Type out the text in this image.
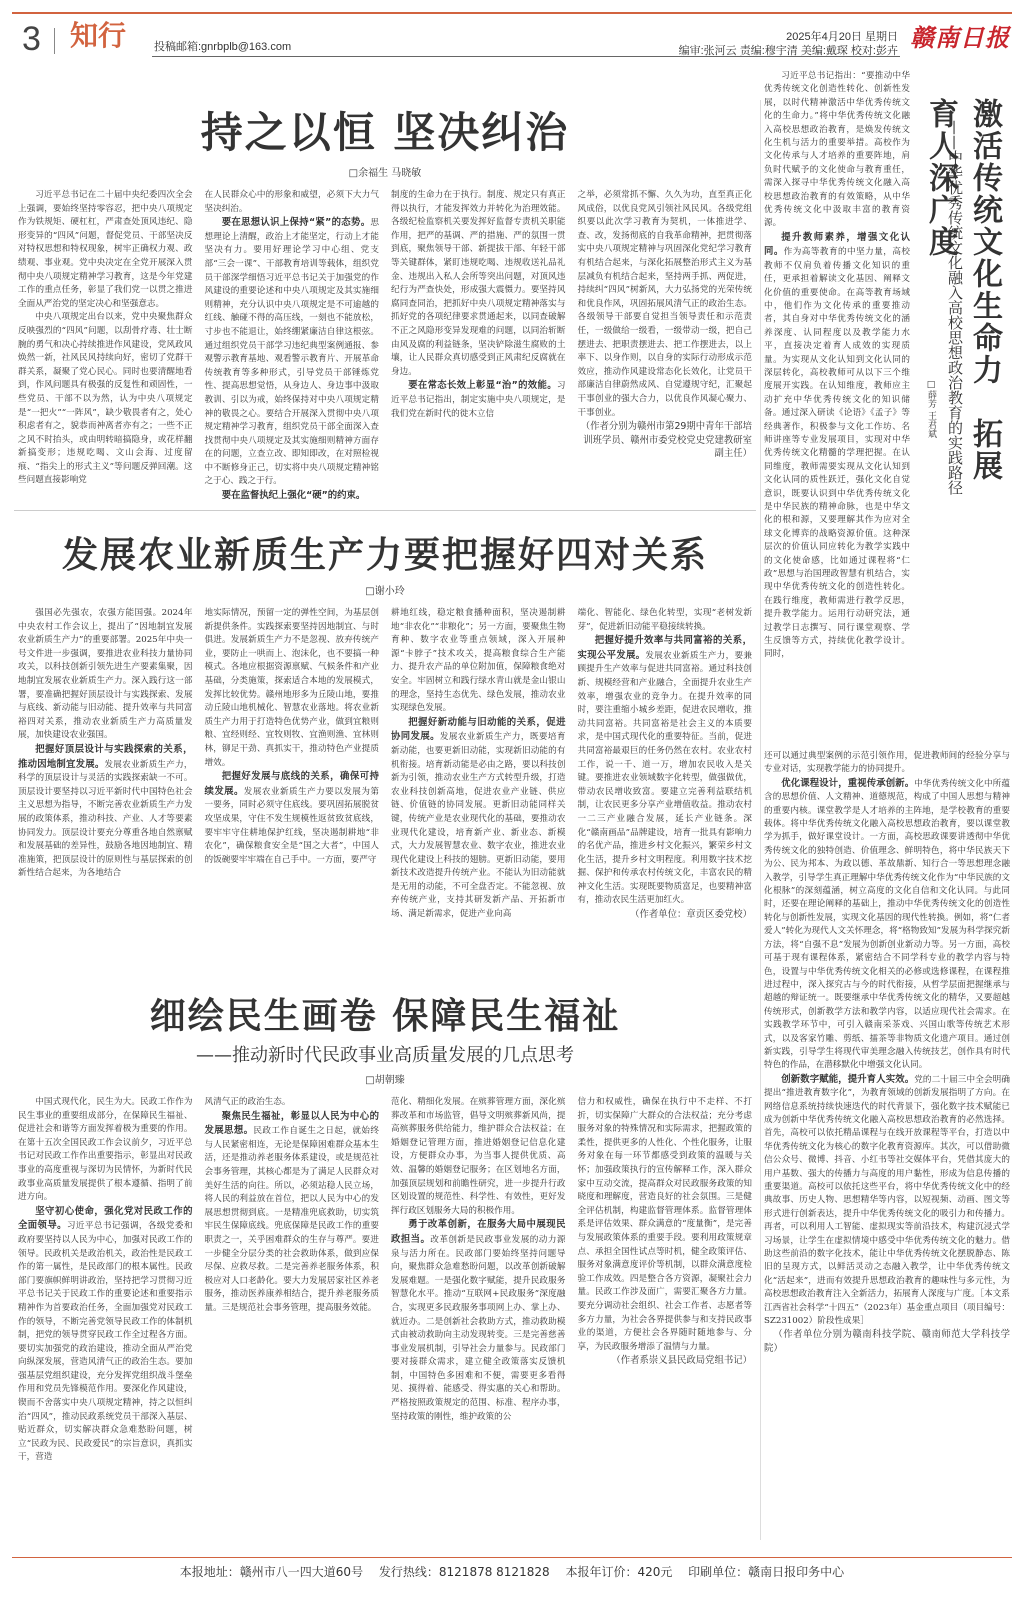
3 知行	投稿邮箱:gnrbplb@163.com
2025年4月20日 星期日
编审:张河云 责编:穆宇清 美编:戴琛 校对:彭卉 赣南日报
持之以恒 坚决纠治
□余福生 马晓敏

习近平总书记在二十届中央纪委四次全会上强调，要始终坚持零容忍，把中央八项规定作为铁规矩、硬杠杠，严肃查处顶风违纪、隐形变异的“四风”问题，督促党员、干部坚决反对特权思想和特权现象，树牢正确权力观、政绩观、事业观。党中央决定在全党开展深入贯彻中央八项规定精神学习教育，这是今年党建工作的重点任务，彰显了我们党一以贯之推进全面从严治党的坚定决心和坚强意志。

中央八项规定出台以来，党中央聚焦群众反映强烈的“四风”问题，以刮骨疗毒、壮士断腕的勇气和决心持续推进作风建设，党风政风焕然一新，社风民风持续向好，密切了党群干群关系，凝聚了党心民心。同时也要清醒地看到，作风问题具有极强的反复性和顽固性，一些党员、干部不以为然，认为中央八项规定是“一把火”“一阵风”，缺少敬畏者有之，处心积虑者有之，貌恭而神离者亦有之；一些不正之风不时抬头，或由明转暗搞隐身，或花样翻新搞变形；违规吃喝、文山会海、过度留痕、“指尖上的形式主义”等问题反弹回潮。这些问题直接影响党

在人民群众心中的形象和威望，必须下大力气坚决纠治。

要在思想认识上保持“紧”的态势。思想理论上清醒，政治上才能坚定，行动上才能坚决有力。要用好理论学习中心组、党支部“三会一课”、干部教育培训等载体，组织党员干部深学细悟习近平总书记关于加强党的作风建设的重要论述和中央八项规定及其实施细则精神，充分认识中央八项规定是不可逾越的红线、触碰不得的高压线，一刻也不能放松，寸步也不能退让，始终绷紧廉洁自律这根弦。通过组织党员干部学习违纪典型案例通报、参观警示教育基地、观看警示教育片、开展革命传统教育等多种形式，引导党员干部锤炼党性、提高思想觉悟，从身边人、身边事中汲取教训、引以为戒，始终保持对中央八项规定精神的敬畏之心。要结合开展深入贯彻中央八项规定精神学习教育，组织党员干部全面深入查找贯彻中央八项规定及其实施细则精神方面存在的问题，立查立改、即知即改，在对照检视中不断修身正己，切实将中央八项规定精神铭之于心、践之于行。

要在监督执纪上强化“硬”的约束。

制度的生命力在于执行。制度、规定只有真正得以执行，才能发挥效力并转化为治理效能。各级纪检监察机关要发挥好监督专责机关职能作用，把严的基调、严的措施、严的氛围一贯到底，聚焦领导干部、新提拔干部、年轻干部等关键群体，紧盯违规吃喝、违规收送礼品礼金、违规出入私人会所等突出问题，对顶风违纪行为严查快处，形成强大震慑力。要坚持风腐同查同治，把抓好中央八项规定精神落实与抓好党的各项纪律要求贯通起来，以同查破解不正之风隐形变异发现难的问题，以同治斩断由风及腐的利益链条，坚决铲除滋生腐败的土壤，让人民群众真切感受到正风肃纪反腐就在身边。

要在常态长效上彰显“治”的效能。习近平总书记指出，制定实施中央八项规定，是我们党在新时代的徙木立信

之举，必须常抓不懈、久久为功，直至真正化风成俗，以优良党风引领社风民风。各级党组织要以此次学习教育为契机，一体推进学、查、改，发扬彻底的自我革命精神，把贯彻落实中央八项规定精神与巩固深化党纪学习教育有机结合起来，与深化拓展整治形式主义为基层减负有机结合起来，坚持两手抓、两促进，持续纠“四风”树新风，大力弘扬党的光荣传统和优良作风，巩固拓展风清气正的政治生态。各级领导干部要自觉担当领导责任和示范责任，一级做给一级看，一级带动一级，把自己摆进去、把职责摆进去、把工作摆进去，以上率下、以身作则，以自身的实际行动形成示范效应，推动作风建设常态化长效化，让党员干部廉洁自律蔚然成风、自觉遵规守纪，汇聚起干事创业的强大合力，以优良作风凝心聚力、干事创业。

（作者分别为赣州市第29期中青年干部培训班学员、赣州市委党校党史党建教研室副主任）

发展农业新质生产力要把握好四对关系
□谢小玲

强国必先强农，农强方能国强。2024年中央农村工作会议上，提出了“因地制宜发展农业新质生产力”的重要部署。2025年中央一号文件进一步强调，要推进农业科技力量协同攻关，以科技创新引领先进生产要素集聚，因地制宜发展农业新质生产力。深入践行这一部署，要准确把握好顶层设计与实践探索、发展与底线、新动能与旧动能、提升效率与共同富裕四对关系，推动农业新质生产力高质量发展，加快建设农业强国。

把握好顶层设计与实践探索的关系，推动因地制宜发展。发展农业新质生产力，科学的顶层设计与灵活的实践探索缺一不可。顶层设计要坚持以习近平新时代中国特色社会主义思想为指导，不断完善农业新质生产力发展的政策体系，推动科技、产业、人才等要素协同发力。顶层设计要充分尊重各地自然禀赋和发展基础的差异性，鼓励各地因地制宜、精准施策，把顶层设计的原则性与基层探索的创新性结合起来，为各地结合

地实际情况，预留一定的弹性空间，为基层创新提供条件。实践探索要坚持因地制宜、与时俱进。发展新质生产力不是忽视、放弃传统产业，要防止一哄而上、泡沫化，也不要搞一种模式。各地应根据资源禀赋、气候条件和产业基础，分类施策，探索适合本地的发展模式，发挥比较优势。赣州地形多为丘陵山地，要推动丘陵山地机械化、智慧农业落地。将农业新质生产力用于打造特色优势产业，做到宜粮则粮、宜经则经、宜牧则牧、宜渔则渔、宜林则林，铆足干劲、真抓实干，推动特色产业提质增效。

把握好发展与底线的关系，确保可持续发展。发展农业新质生产力要以发展为第一要务，同时必须守住底线。要巩固拓展脱贫攻坚成果，守住不发生规模性返贫致贫底线，要牢牢守住耕地保护红线，坚决遏制耕地“非农化”，确保粮食安全是“国之大者”，中国人的饭碗要牢牢端在自己手中。一方面，要严守

耕地红线，稳定粮食播种面积，坚决遏制耕地“非农化”“非粮化”；另一方面，要聚焦生物育种、数字农业等重点领域，深入开展种源“卡脖子”技术攻关，提高粮食综合生产能力、提升农产品的单位附加值，保障粮食绝对安全。牢固树立和践行绿水青山就是金山银山的理念，坚持生态优先、绿色发展，推动农业实现绿色发展。

把握好新动能与旧动能的关系，促进协同发展。发展农业新质生产力，既要培育新动能，也要更新旧动能，实现新旧动能的有机衔接。培育新动能是必由之路，要以科技创新为引领，推动农业生产方式转型升级，打造农业科技创新高地，促进农业产业链、供应链、价值链的协同发展。更新旧动能同样关键，传统产业是农业现代化的基础，要推动农业现代化建设，培育新产业、新业态、新模式，大力发展智慧农业、数字农业，推进农业现代化建设上科技的翅膀。更新旧动能，要用新技术改造提升传统产业。不能认为旧动能就是无用的动能，不可全盘否定。不能忽视、放弃传统产业，支持其研发新产品、开拓新市场、满足新需求，促进产业向高

端化、智能化、绿色化转型，实现“老树发新芽”，促进新旧动能平稳接续转换。

把握好提升效率与共同富裕的关系，实现公平发展。发展农业新质生产力，要兼顾提升生产效率与促进共同富裕。通过科技创新、规模经营和产业融合，全面提升农业生产效率，增强农业的竞争力。在提升效率的同时，要注重缩小城乡差距，促进农民增收，推动共同富裕。共同富裕是社会主义的本质要求，是中国式现代化的重要特征。当前，促进共同富裕最艰巨的任务仍然在农村。农业农村工作，说一千、道一万，增加农民收入是关键。要推进农业领域数字化转型，做强做优，带动农民增收致富。要建立完善利益联结机制，让农民更多分享产业增值收益。推动农村一二三产业融合发展，延长产业链条。深化“赣南画品”品牌建设，培育一批具有影响力的名优产品，推进乡村文化振兴，繁荣乡村文化生活，提升乡村文明程度。利用数字技术挖掘、保护和传承农村传统文化，丰富农民的精神文化生活。实现既要物质富足，也要精神富有，推动农民生活更加红火。

（作者单位：章贡区委党校）

细绘民生画卷 保障民生福祉
——推动新时代民政事业高质量发展的几点思考
□胡朝臻

中国式现代化，民生为大。民政工作作为民生事业的重要组成部分，在保障民生福祉、促进社会和谐等方面发挥着极为重要的作用。在第十五次全国民政工作会议前夕，习近平总书记对民政工作作出重要指示，彰显出对民政事业的高度重视与深切为民情怀，为新时代民政事业高质量发展提供了根本遵循、指明了前进方向。

坚守初心使命，强化党对民政工作的全面领导。习近平总书记强调，各级党委和政府要坚持以人民为中心，加强对民政工作的领导。民政机关是政治机关，政治性是民政工作的第一属性，是民政部门的根本属性。民政部门要旗帜鲜明讲政治，坚持把学习贯彻习近平总书记关于民政工作的重要论述和重要指示精神作为首要政治任务，全面加强党对民政工作的领导，不断完善党领导民政工作的体制机制，把党的领导贯穿民政工作全过程各方面。要切实加强党的政治建设，推动全面从严治党向纵深发展，营造风清气正的政治生态。要加强基层党组织建设，充分发挥党组织战斗堡垒作用和党员先锋模范作用。要深化作风建设，锲而不舍落实中央八项规定精神，持之以恒纠治“四风”，推动民政系统党员干部深入基层、贴近群众，切实解决群众急难愁盼问题，树立“民政为民、民政爱民”的宗旨意识，真抓实干，营造

风清气正的政治生态。

聚焦民生福祉，彰显以人民为中心的发展思想。民政工作自诞生之日起，就始终与人民紧密相连，无论是保障困难群众基本生活，还是推动养老服务体系建设，或是规范社会事务管理，其核心都是为了满足人民群众对美好生活的向往。所以，必须站稳人民立场，将人民的利益放在首位，把以人民为中心的发展思想贯彻到底。一是精准兜底救助，切实筑牢民生保障底线。兜底保障是民政工作的重要职责之一，关乎困难群众的生存与尊严。要进一步健全分层分类的社会救助体系，做到应保尽保、应救尽救。二是完善养老服务体系，积极应对人口老龄化。要大力发展居家社区养老服务，推动医养康养相结合，提升养老服务质量。三是规范社会事务管理，提高服务效能。

范化、精细化发展。在殡葬管理方面，深化殡葬改革和市场监管，倡导文明殡葬新风尚，提高殡葬服务供给能力，维护群众合法权益；在婚姻登记管理方面，推进婚姻登记信息化建设，方便群众办事，为当事人提供优质、高效、温馨的婚姻登记服务；在区划地名方面，加强顶层规划和前瞻性研究，进一步提升行政区划设置的规范性、科学性、有效性，更好发挥行政区划服务大局的积极作用。

勇于改革创新，在服务大局中展现民政担当。改革创新是民政事业发展的动力源泉与活力所在。民政部门要始终坚持问题导向，聚焦群众急难愁盼问题，以改革创新破解发展难题。一是强化数字赋能，提升民政服务智慧化水平。推动“互联网+民政服务”深度融合，实现更多民政服务事项网上办、掌上办、就近办。二是创新社会救助方式，推动救助模式由被动救助向主动发现转变。三是完善慈善事业发展机制，引导社会力量参与。民政部门要对接群众需求，建立健全政策落实反馈机制，中国特色多困难和不便，需要更多看得见、摸得着、能感受、得实惠的关心和帮助。严格按照政策规定的范围、标准、程序办事，坚持政策的刚性，维护政策的公

信力和权威性，确保在执行中不走样、不打折，切实保障广大群众的合法权益；充分考虑服务对象的特殊情况和实际需求，把握政策的柔性，提供更多的人性化、个性化服务，让服务对象在每一环节都感受到政策的温暖与关怀；加强政策执行的宣传解释工作，深入群众家中互动交流，提高群众对民政服务政策的知晓度和理解度，营造良好的社会氛围。三是健全评估机制，构建监督管理体系。监督管理体系是评估效果、群众满意的“度量衡”，是完善与发展政策体系的重要手段。要利用政策规章点、承担全国性试点等时机，健全政策评估、服务对象满意度评价等机制，以群众满意度检验工作成效。四是整合各方资源，凝聚社会力量。民政工作涉及面广，需要汇聚各方力量。要充分调动社会组织、社会工作者、志愿者等多方力量，为社会各界提供参与和支持民政事业的渠道，方便社会各界随时随地参与、分享，为民政服务增添了温情与力量。

（作者系崇义县民政局党组书记）

习近平总书记指出：“要推动中华优秀传统文化创造性转化、创新性发展，以时代精神激活中华优秀传统文化的生命力。”将中华优秀传统文化融入高校思想政治教育，是焕发传统文化生机与活力的重要举措。高校作为文化传承与人才培养的重要阵地，肩负时代赋予的文化使命与教育重任，需深入探寻中华优秀传统文化融入高校思想政治教育的有效策略，从中华优秀传统文化中汲取丰富的教育资源。

提升教师素养，增强文化认同。作为高等教育的中坚力量，高校教师不仅肩负着传播文化知识的重任，更承担着解读文化基因、阐释文化价值的重要使命。在高等教育场域中，他们作为文化传承的重要推动者，其自身对中华优秀传统文化的涵养深度、认同程度以及教学能力水平，直接决定着育人成效的实现质量。为实现从文化认知到文化认同的深层转化，高校教师可从以下三个维度展开实践。在认知维度，教师应主动扩充中华优秀传统文化的知识储备。通过深入研读《论语》《孟子》等经典著作，积极参与文化工作坊、名师讲座等专业发展项目，实现对中华优秀传统文化精髓的学理把握。在认同维度，教师需要实现从文化认知到文化认同的质性跃迁，强化文化自觉意识，既要认识到中华优秀传统文化是中华民族的精神命脉，也是中华文化的根和源，又要理解其作为应对全球文化博弈的战略资源价值。这种深层次的价值认同应转化为教学实践中的文化使命感，比如通过课程将“仁政”思想与治国理政智慧有机结合，实现中华优秀传统文化的创造性转化。在践行维度，教师需进行教学反思，提升教学能力。运用行动研究法，通过教学日志撰写、同行课堂观察、学生反馈等方式，持续优化教学设计。同时，

激活传统文化生命力　拓展育人深广度
——中华优秀传统文化融入高校思想政治教育的实践路径
□薛芳 王君斌

还可以通过典型案例的示范引领作用，促进教师间的经验分享与专业对话，实现教学能力的协同提升。

优化课程设计，重视传承创新。中华优秀传统文化中所蕴含的思想价值、人文精神、道德规范，构成了中国人思想与精神的重要内核。课堂教学是人才培养的主阵地，是学校教育的重要载体。将中华优秀传统文化融入高校思想政治教育，要以课堂教学为抓手，做好课堂设计。一方面，高校思政课要讲透彻中华优秀传统文化的独特创造、价值理念、鲜明特色，将中华民族天下为公、民为邦本、为政以德、革故鼎新、知行合一等思想理念融入教学，引导学生真正理解中华优秀传统文化作为“中华民族的文化根脉”的深刻蕴涵，树立高度的文化自信和文化认同。与此同时，还要在理论阐释的基础上，推动中华优秀传统文化的创造性转化与创新性发展，实现文化基因的现代性转换。例如，将“仁者爱人”转化为现代人文关怀理念，将“格物致知”发展为科学探究新方法，将“自强不息”发展为创新创业新动力等。另一方面，高校可基于现有课程体系，紧密结合不同学科专业的教学内容与特色，设置与中华优秀传统文化相关的必修或选修课程，在课程推进过程中，深入探究古与今的时代衔接，从哲学层面把握继承与超越的辩证统一。既要继承中华优秀传统文化的精华，又要超越传统形式，创新教学方法和教学内容，以适应现代社会需求。在实践教学环节中，可引入赣南采茶戏、兴国山歌等传统艺术形式，以及客家竹雕、剪纸、擂茶等非物质文化遗产项目。通过创新实践，引导学生将现代审美理念融入传统技艺，创作具有时代特色的作品，在潜移默化中增强文化认同。

创新数字赋能，提升育人实效。党的二十届三中全会明确提出“推进教育数字化”，为教育领域的创新发展指明了方向。在网络信息系统持续快速迭代的时代背景下，强化数字技术赋能已成为创新中华优秀传统文化融入高校思想政治教育的必然选择。首先，高校可以依托精品课程与在线开放课程等平台，打造以中华优秀传统文化为核心的数字化教育资源库。其次，可以借助微信公众号、微博、抖音、小红书等社交媒体平台，凭借其庞大的用户基数、强大的传播力与高度的用户黏性，形成为信息传播的重要渠道。高校可以依托这些平台，将中华优秀传统文化中的经典故事、历史人物、思想精华等内容，以短视频、动画、图文等形式进行创新表达，提升中华优秀传统文化的吸引力和传播力。再者，可以利用人工智能、虚拟现实等前沿技术，构建沉浸式学习场景，让学生在虚拟情境中感受中华优秀传统文化的魅力。借助这些前沿的数字化技术，能让中华优秀传统文化摆脱静态、陈旧的呈现方式，以鲜活灵动之态融入教学，让中华优秀传统文化“活起来”，进而有效提升思想政治教育的趣味性与多元性，为高校思想政治教育注入全新活力，拓展育人深度与广度。［本文系江西省社会科学“十四五”（2023年）基金重点项目（项目编号：SZ231002）阶段性成果］

（作者单位分别为赣南科技学院、赣南师范大学科技学院）

本报地址：赣州市八一四大道60号 发行热线：8121878 8121828 本报年订价：420元 印刷单位：赣南日报印务中心
